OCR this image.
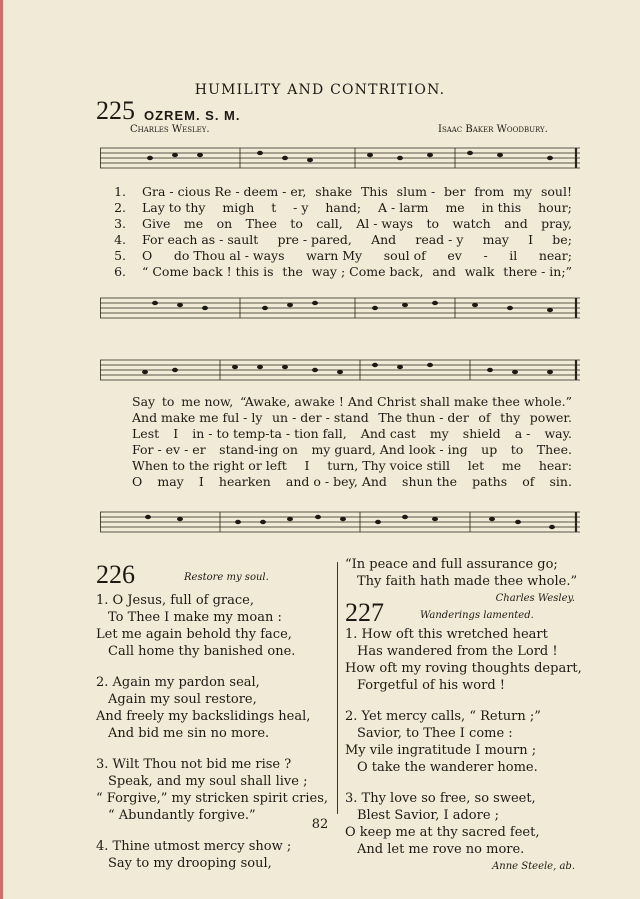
HUMILITY AND CONTRITION.
225 OZREM. S. M.
Charles Wesley.	Isaac Baker Woodbury.
1. Gra - cious Re - deem - er, shake This slum - ber from my soul!
2. Lay to thy migh t - y hand; A - larm me in this hour;
3. Give me on Thee to call, Al - ways to watch and pray,
4. For each as - sault pre - pared, And read - y may I be;
5. O do Thou al - ways warn My soul of ev - il near;
6. “ Come back ! this is the way ; Come back, and walk there - in;”
Say to me now, “Awake, awake ! And Christ shall make thee whole.”
And make me ful - ly un - der - stand The thun - der of thy power.
Lest I in - to temp-ta - tion fall, And cast my shield a - way.
For - ev - er stand-ing on my guard, And look - ing up to Thee.
When to the right or left I turn, Thy voice still let me hear:
O may I hearken and o - bey, And shun the paths of sin.
226	Restore my soul.
1. O Jesus, full of grace,
To Thee I make my moan :
Let me again behold thy face,
Call home thy banished one.
2. Again my pardon seal,
Again my soul restore,
And freely my backslidings heal,
And bid me sin no more.
3. Wilt Thou not bid me rise ?
Speak, and my soul shall live ;
“ Forgive,” my stricken spirit cries,
“ Abundantly forgive.”
4. Thine utmost mercy show ;
Say to my drooping soul,
“In peace and full assurance go;
Thy faith hath made thee whole.”
Charles Wesley.
227	Wanderings lamented.
1. How oft this wretched heart
Has wandered from the Lord !
How oft my roving thoughts depart,
Forgetful of his word !
2. Yet mercy calls, “ Return ;”
Savior, to Thee I come :
My vile ingratitude I mourn ;
O take the wanderer home.
3. Thy love so free, so sweet,
Blest Savior, I adore ;
O keep me at thy sacred feet,
And let me rove no more.
Anne Steele, ab.
82
